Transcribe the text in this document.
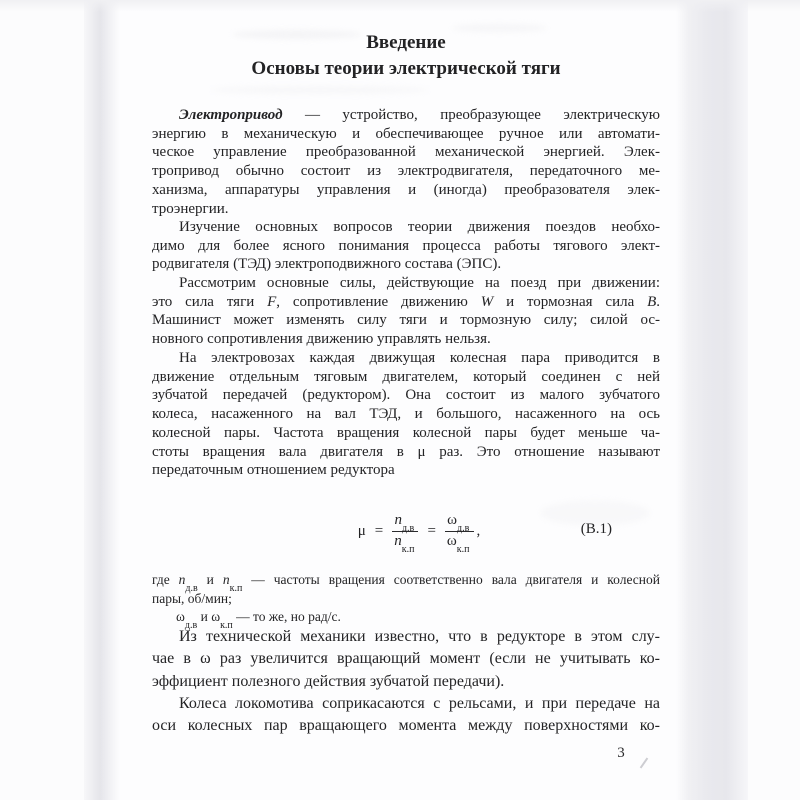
Введение
Основы теории электрической тяги
Электропривод — устройство, преобразующее электрическую
энергию в механическую и обеспечивающее ручное или автомати-
ческое управление преобразованной механической энергией. Элек-
тропривод обычно состоит из электродвигателя, передаточного ме-
ханизма, аппаратуры управления и (иногда) преобразователя элек-
троэнергии.
Изучение основных вопросов теории движения поездов необхо-
димо для более ясного понимания процесса работы тягового элект-
родвигателя (ТЭД) электроподвижного состава (ЭПС).
Рассмотрим основные силы, действующие на поезд при движении:
это сила тяги F, сопротивление движению W и тормозная сила B.
Машинист может изменять силу тяги и тормозную силу; силой ос-
новного сопротивления движению управлять нельзя.
На электровозах каждая движущая колесная пара приводится в
движение отдельным тяговым двигателем, который соединен с ней
зубчатой передачей (редуктором). Она состоит из малого зубчатого
колеса, насаженного на вал ТЭД, и большого, насаженного на ось
колесной пары. Частота вращения колесной пары будет меньше ча-
стоты вращения вала двигателя в μ раз. Это отношение называют
передаточным отношением редуктора
$\mu = \frac{n_{д.в}}{n_{к.п}} = \frac{\omega_{д.в}}{\omega_{к.п}}$ ,	(В.1)
где $n_{д.в}$ и $n_{к.п}$ — частоты вращения соответственно вала двигателя и колесной
пары, об/мин;
$\omega_{д.в}$ и $\omega_{к.п}$ — то же, но рад/с.
Из технической механики известно, что в редукторе в этом слу-
чае в ω раз увеличится вращающий момент (если не учитывать ко-
эффициент полезного действия зубчатой передачи).
Колеса локомотива соприкасаются с рельсами, и при передаче на
оси колесных пар вращающего момента между поверхностями ко-
3
